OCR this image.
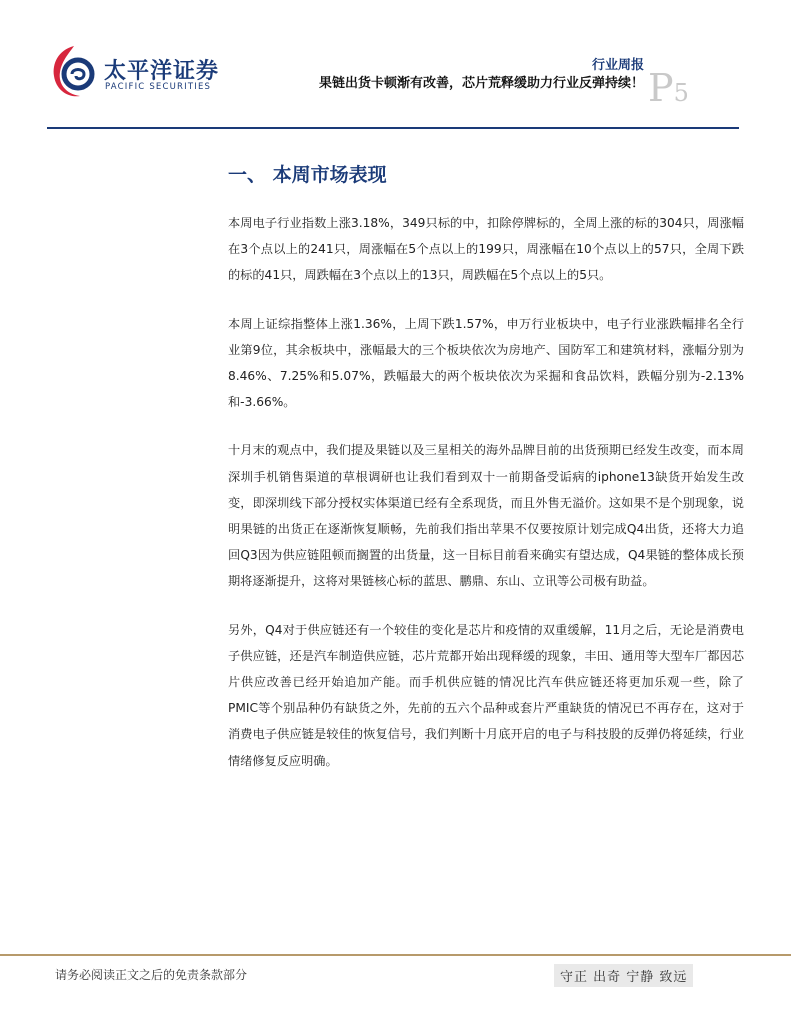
太平洋证券
PACIFIC SECURITIES
行业周报
果链出货卡顿渐有改善，芯片荒释缓助力行业反弹持续！ P5
一、 本周市场表现

本周电子行业指数上涨3.18%，349只标的中，扣除停牌标的，全周上涨的标的304只，周涨幅在3个点以上的241只，周涨幅在5个点以上的199只，周涨幅在10个点以上的57只，全周下跌的标的41只，周跌幅在3个点以上的13只，周跌幅在5个点以上的5只。

本周上证综指整体上涨1.36%，上周下跌1.57%，申万行业板块中，电子行业涨跌幅排名全行业第9位，其余板块中，涨幅最大的三个板块依次为房地产、国防军工和建筑材料，涨幅分别为8.46%、7.25%和5.07%，跌幅最大的两个板块依次为采掘和食品饮料，跌幅分别为-2.13%和-3.66%。

十月末的观点中，我们提及果链以及三星相关的海外品牌目前的出货预期已经发生改变，而本周深圳手机销售渠道的草根调研也让我们看到双十一前期备受诟病的iphone13缺货开始发生改变，即深圳线下部分授权实体渠道已经有全系现货，而且外售无溢价。这如果不是个别现象，说明果链的出货正在逐渐恢复顺畅，先前我们指出苹果不仅要按原计划完成Q4出货，还将大力追回Q3因为供应链阻顿而搁置的出货量，这一目标目前看来确实有望达成，Q4果链的整体成长预期将逐渐提升，这将对果链核心标的蓝思、鹏鼎、东山、立讯等公司极有助益。

另外，Q4对于供应链还有一个较佳的变化是芯片和疫情的双重缓解，11月之后，无论是消费电子供应链，还是汽车制造供应链，芯片荒都开始出现释缓的现象，丰田、通用等大型车厂都因芯片供应改善已经开始追加产能。而手机供应链的情况比汽车供应链还将更加乐观一些，除了PMIC等个别品种仍有缺货之外，先前的五六个品种或套片严重缺货的情况已不再存在，这对于消费电子供应链是较佳的恢复信号，我们判断十月底开启的电子与科技股的反弹仍将延续，行业情绪修复反应明确。

请务必阅读正文之后的免责条款部分	守正 出奇 宁静 致远
